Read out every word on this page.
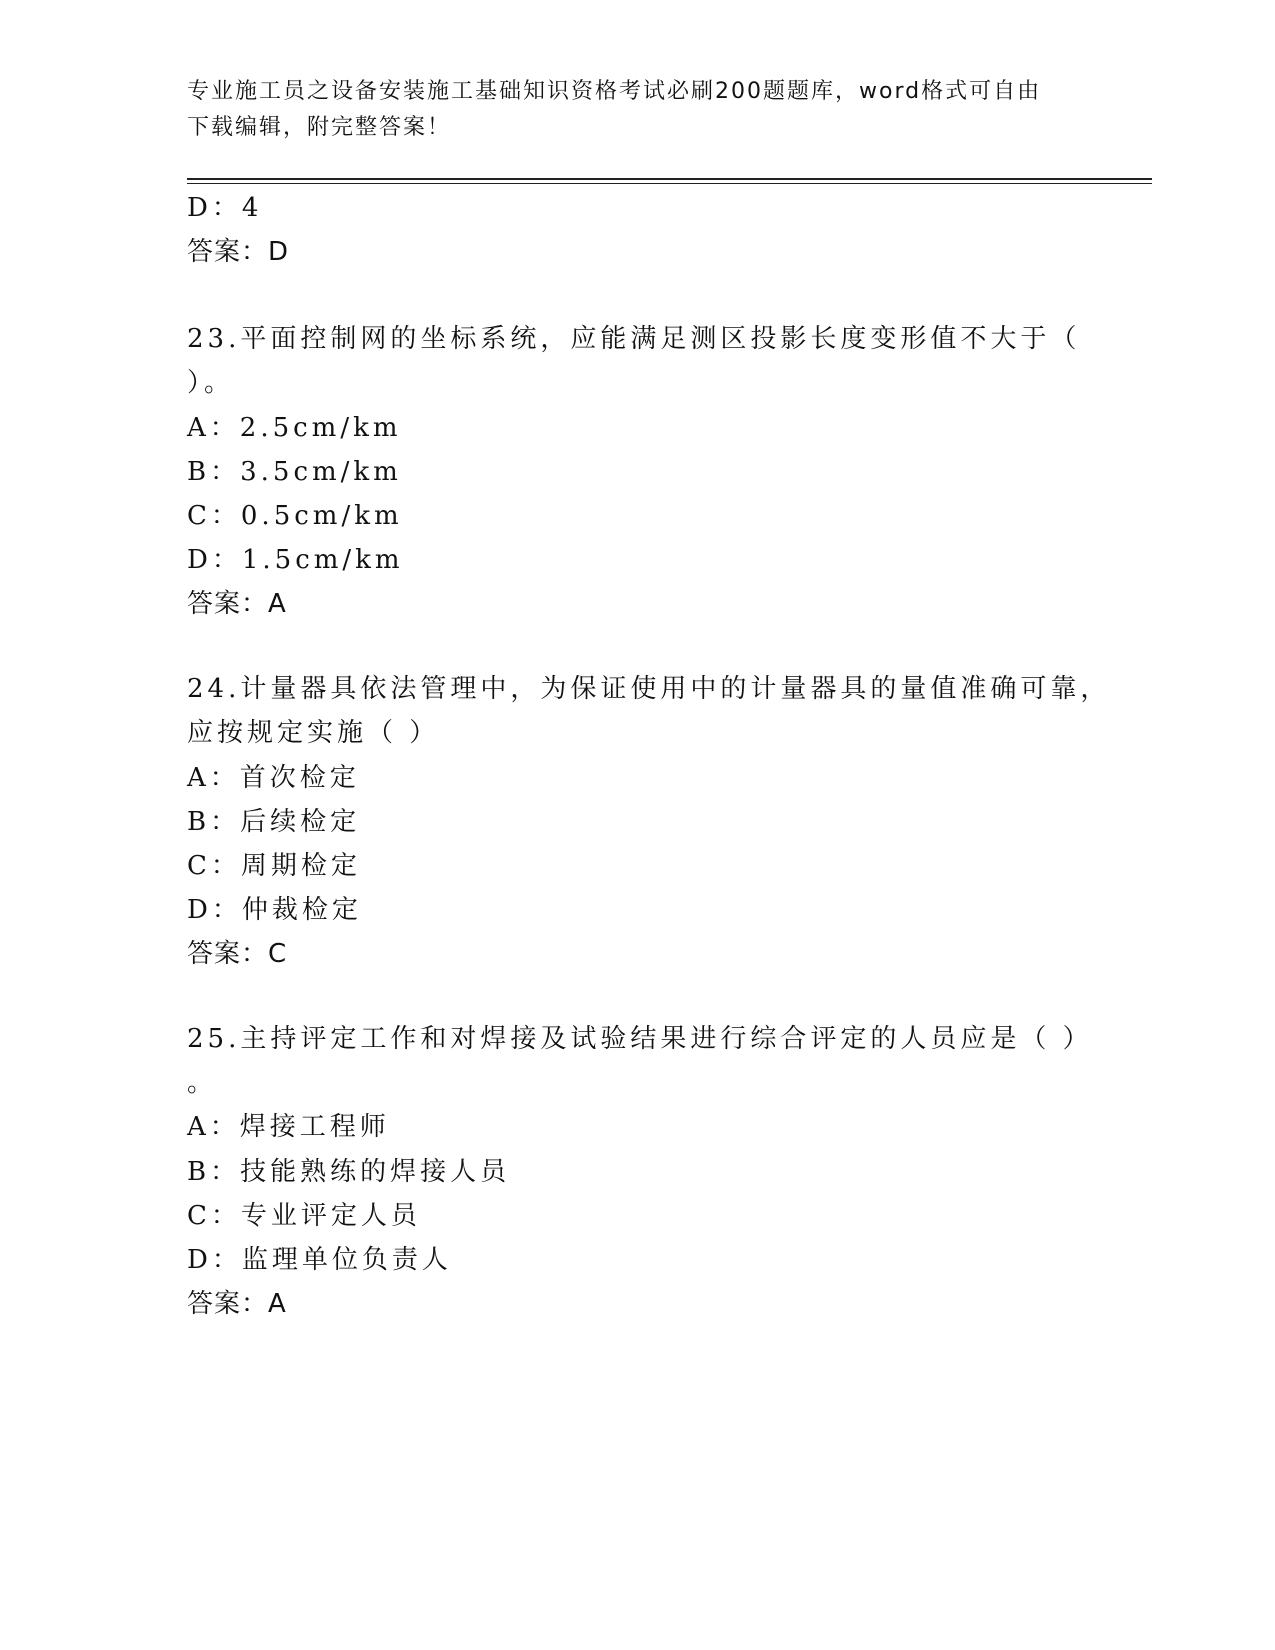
专业施工员之设备安装施工基础知识资格考试必刷200题题库，word格式可自由
下载编辑，附完整答案！
D：4
答案：D
23.平面控制网的坐标系统，应能满足测区投影长度变形值不大于（
）。
A：2.5cm/km
B：3.5cm/km
C：0.5cm/km
D：1.5cm/km
答案：A
24.计量器具依法管理中，为保证使用中的计量器具的量值准确可靠，
应按规定实施（ ）
A：首次检定
B：后续检定
C：周期检定
D：仲裁检定
答案：C
25.主持评定工作和对焊接及试验结果进行综合评定的人员应是（ ）
。
A：焊接工程师
B：技能熟练的焊接人员
C：专业评定人员
D：监理单位负责人
答案：A
